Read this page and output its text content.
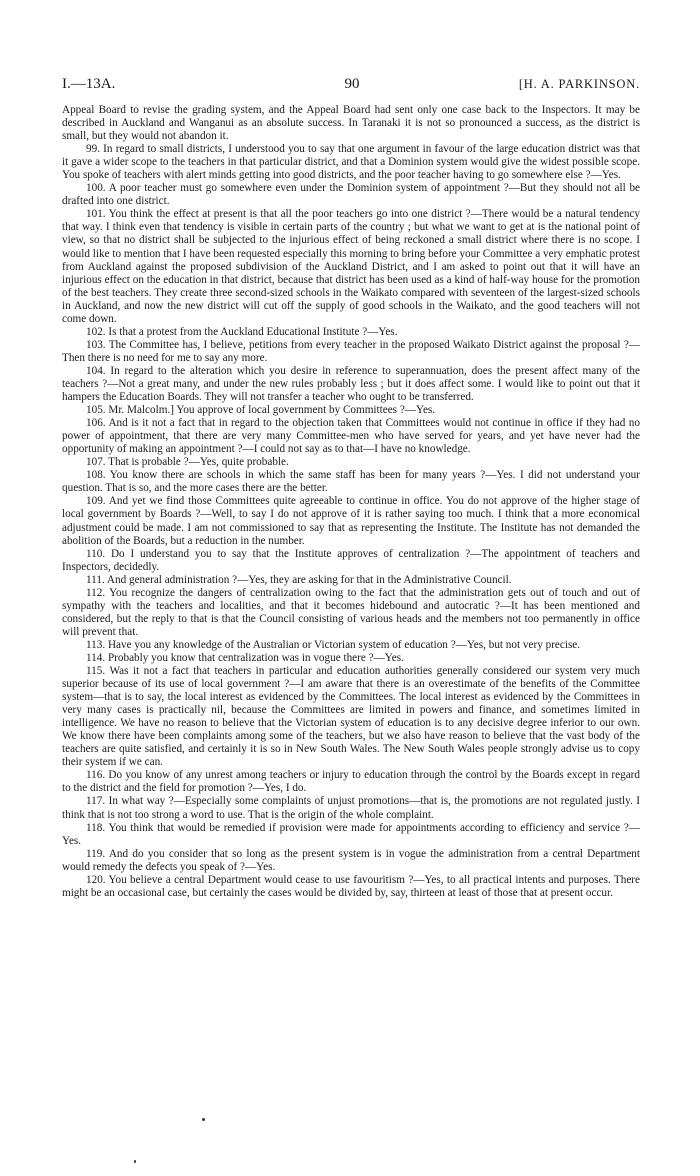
I.—13A.	90	[H. A. PARKINSON.

Appeal Board to revise the grading system, and the Appeal Board had sent only one case back to the Inspectors. It may be described in Auckland and Wanganui as an absolute success. In Taranaki it is not so pronounced a success, as the district is small, but they would not abandon it.

99. In regard to small districts, I understood you to say that one argument in favour of the large education district was that it gave a wider scope to the teachers in that particular district, and that a Dominion system would give the widest possible scope. You spoke of teachers with alert minds getting into good districts, and the poor teacher having to go somewhere else ?—Yes.

100. A poor teacher must go somewhere even under the Dominion system of appointment ?—But they should not all be drafted into one district.

101. You think the effect at present is that all the poor teachers go into one district ?—There would be a natural tendency that way. I think even that tendency is visible in certain parts of the country ; but what we want to get at is the national point of view, so that no district shall be subjected to the injurious effect of being reckoned a small district where there is no scope. I would like to mention that I have been requested especially this morning to bring before your Committee a very emphatic protest from Auckland against the proposed subdivision of the Auckland District, and I am asked to point out that it will have an injurious effect on the education in that district, because that district has been used as a kind of half-way house for the promotion of the best teachers. They create three second-sized schools in the Waikato compared with seventeen of the largest-sized schools in Auckland, and now the new district will cut off the supply of good schools in the Waikato, and the good teachers will not come down.

102. Is that a protest from the Auckland Educational Institute ?—Yes.

103. The Committee has, I believe, petitions from every teacher in the proposed Waikato District against the proposal ?—Then there is no need for me to say any more.

104. In regard to the alteration which you desire in reference to superannuation, does the present affect many of the teachers ?—Not a great many, and under the new rules probably less ; but it does affect some. I would like to point out that it hampers the Education Boards. They will not transfer a teacher who ought to be transferred.

105. Mr. Malcolm.] You approve of local government by Committees ?—Yes.

106. And is it not a fact that in regard to the objection taken that Committees would not continue in office if they had no power of appointment, that there are very many Committee-men who have served for years, and yet have never had the opportunity of making an appointment ?—I could not say as to that—I have no knowledge.

107. That is probable ?—Yes, quite probable.

108. You know there are schools in which the same staff has been for many years ?—Yes. I did not understand your question. That is so, and the more cases there are the better.

109. And yet we find those Committees quite agreeable to continue in office. You do not approve of the higher stage of local government by Boards ?—Well, to say I do not approve of it is rather saying too much. I think that a more economical adjustment could be made. I am not commissioned to say that as representing the Institute. The Institute has not demanded the abolition of the Boards, but a reduction in the number.

110. Do I understand you to say that the Institute approves of centralization ?—The appointment of teachers and Inspectors, decidedly.

111. And general administration ?—Yes, they are asking for that in the Administrative Council.

112. You recognize the dangers of centralization owing to the fact that the administration gets out of touch and out of sympathy with the teachers and localities, and that it becomes hidebound and autocratic ?—It has been mentioned and considered, but the reply to that is that the Council consisting of various heads and the members not too permanently in office will prevent that.

113. Have you any knowledge of the Australian or Victorian system of education ?—Yes, but not very precise.

114. Probably you know that centralization was in vogue there ?—Yes.

115. Was it not a fact that teachers in particular and education authorities generally considered our system very much superior because of its use of local government ?—I am aware that there is an overestimate of the benefits of the Committee system—that is to say, the local interest as evidenced by the Committees. The local interest as evidenced by the Committees in very many cases is practically nil, because the Committees are limited in powers and finance, and sometimes limited in intelligence. We have no reason to believe that the Victorian system of education is to any decisive degree inferior to our own. We know there have been complaints among some of the teachers, but we also have reason to believe that the vast body of the teachers are quite satisfied, and certainly it is so in New South Wales. The New South Wales people strongly advise us to copy their system if we can.

116. Do you know of any unrest among teachers or injury to education through the control by the Boards except in regard to the district and the field for promotion ?—Yes, I do.

117. In what way ?—Especially some complaints of unjust promotions—that is, the promotions are not regulated justly. I think that is not too strong a word to use. That is the origin of the whole complaint.

118. You think that would be remedied if provision were made for appointments according to efficiency and service ?—Yes.

119. And do you consider that so long as the present system is in vogue the administration from a central Department would remedy the defects you speak of ?—Yes.

120. You believe a central Department would cease to use favouritism ?—Yes, to all practical intents and purposes. There might be an occasional case, but certainly the cases would be divided by, say, thirteen at least of those that at present occur.
